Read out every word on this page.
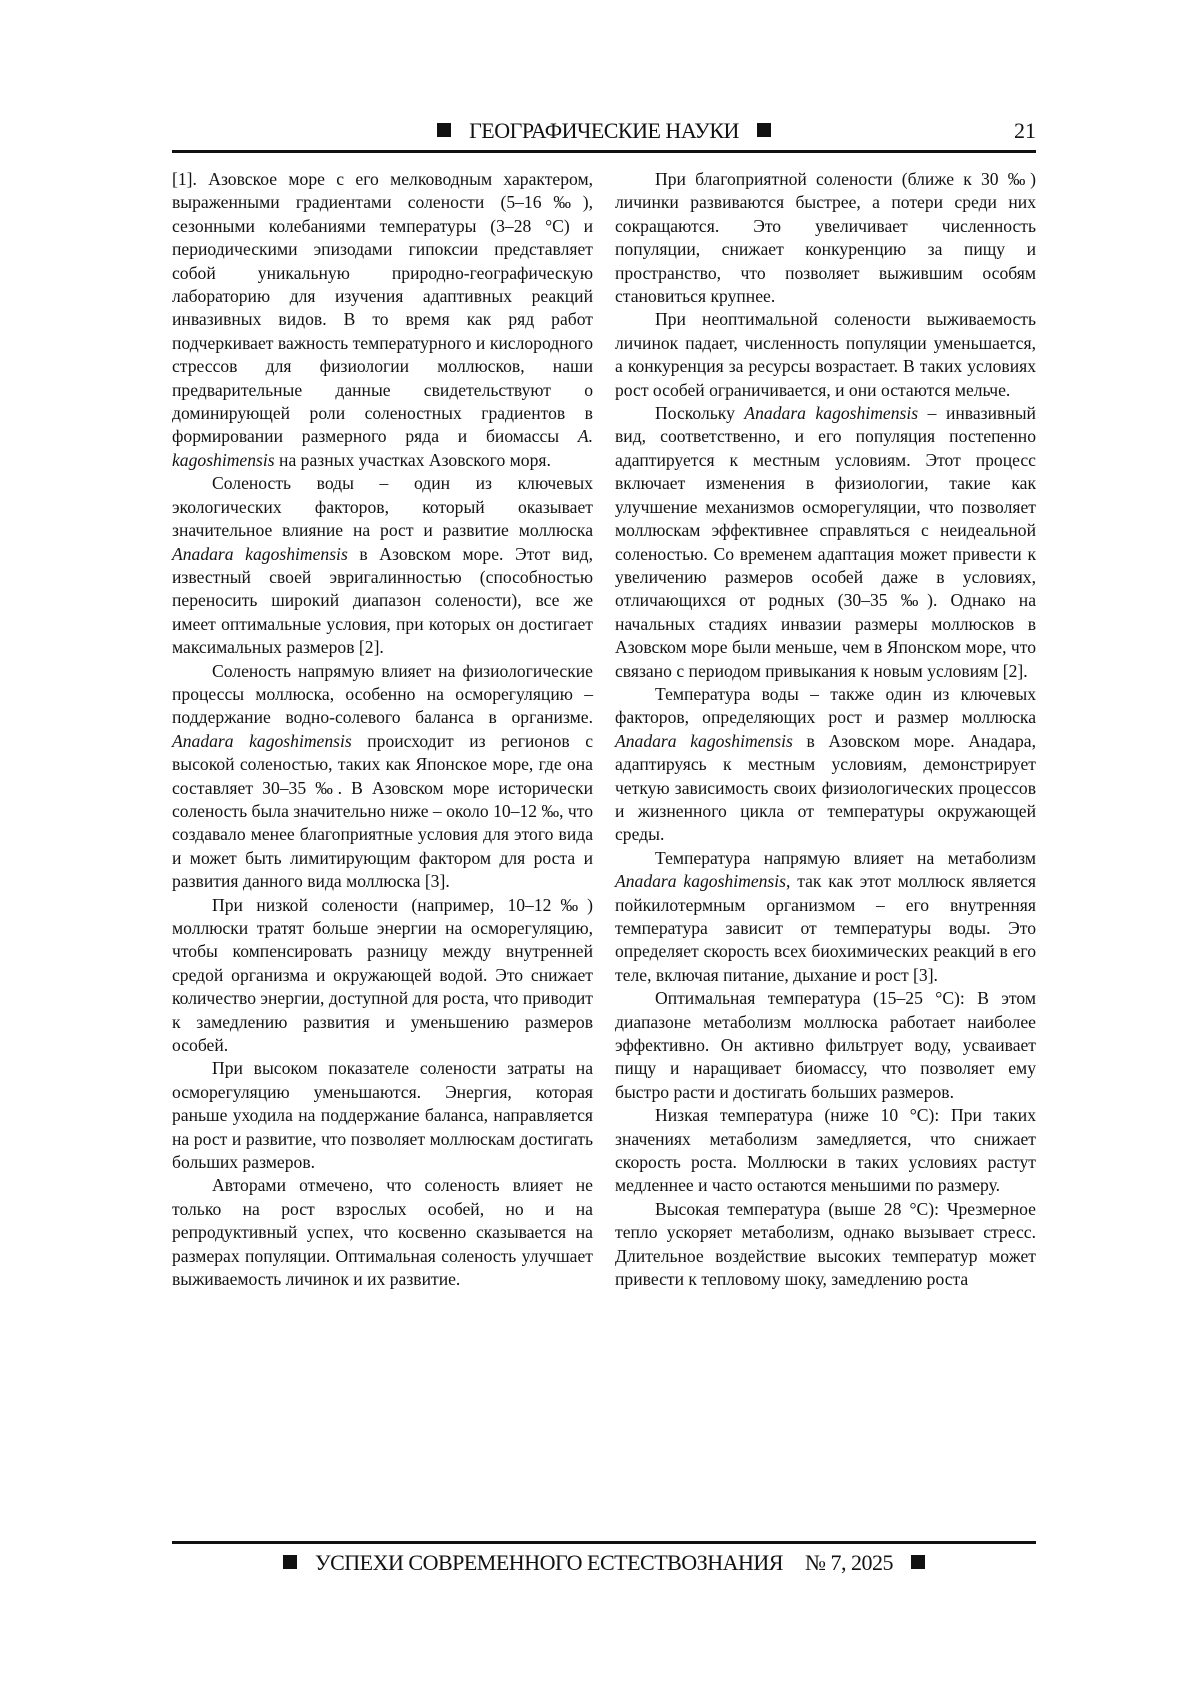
ГЕОГРАФИЧЕСКИЕ НАУКИ	21

[1]. Азовское море с его мелководным характером, выраженными градиентами солености (5–16‰), сезонными колебаниями температуры (3–28 °С) и периодическими эпизодами гипоксии представляет собой уникальную природно-географическую лабораторию для изучения адаптивных реакций инвазивных видов. В то время как ряд работ подчеркивает важность температурного и кислородного стрессов для физиологии моллюсков, наши предварительные данные свидетельствуют о доминирующей роли соленостных градиентов в формировании размерного ряда и биомассы A. kagoshimensis на разных участках Азовского моря.

Соленость воды – один из ключевых экологических факторов, который оказывает значительное влияние на рост и развитие моллюска Anadara kagoshimensis в Азовском море. Этот вид, известный своей эвригалинностью (способностью переносить широкий диапазон солености), все же имеет оптимальные условия, при которых он достигает максимальных размеров [2].

Соленость напрямую влияет на физиологические процессы моллюска, особенно на осморегуляцию – поддержание водно-солевого баланса в организме. Anadara kagoshimensis происходит из регионов с высокой соленостью, таких как Японское море, где она составляет 30–35 ‰. В Азовском море исторически соленость была значительно ниже – около 10–12 ‰, что создавало менее благоприятные условия для этого вида и может быть лимитирующим фактором для роста и развития данного вида моллюска [3].

При низкой солености (например, 10–12‰) моллюски тратят больше энергии на осморегуляцию, чтобы компенсировать разницу между внутренней средой организма и окружающей водой. Это снижает количество энергии, доступной для роста, что приводит к замедлению развития и уменьшению размеров особей.

При высоком показателе солености затраты на осморегуляцию уменьшаются. Энергия, которая раньше уходила на поддержание баланса, направляется на рост и развитие, что позволяет моллюскам достигать больших размеров.

Авторами отмечено, что соленость влияет не только на рост взрослых особей, но и на репродуктивный успех, что косвенно сказывается на размерах популяции. Оптимальная соленость улучшает выживаемость личинок и их развитие.

При благоприятной солености (ближе к 30 ‰) личинки развиваются быстрее, а потери среди них сокращаются. Это увеличивает численность популяции, снижает конкуренцию за пищу и пространство, что позволяет выжившим особям становиться крупнее.

При неоптимальной солености выживаемость личинок падает, численность популяции уменьшается, а конкуренция за ресурсы возрастает. В таких условиях рост особей ограничивается, и они остаются мельче.

Поскольку Anadara kagoshimensis – инвазивный вид, соответственно, и его популяция постепенно адаптируется к местным условиям. Этот процесс включает изменения в физиологии, такие как улучшение механизмов осморегуляции, что позволяет моллюскам эффективнее справляться с неидеальной соленостью. Со временем адаптация может привести к увеличению размеров особей даже в условиях, отличающихся от родных (30–35 ‰). Однако на начальных стадиях инвазии размеры моллюсков в Азовском море были меньше, чем в Японском море, что связано с периодом привыкания к новым условиям [2].

Температура воды – также один из ключевых факторов, определяющих рост и размер моллюска Anadara kagoshimensis в Азовском море. Анадара, адаптируясь к местным условиям, демонстрирует четкую зависимость своих физиологических процессов и жизненного цикла от температуры окружающей среды.

Температура напрямую влияет на метаболизм Anadara kagoshimensis, так как этот моллюск является пойкилотермным организмом – его внутренняя температура зависит от температуры воды. Это определяет скорость всех биохимических реакций в его теле, включая питание, дыхание и рост [3].

Оптимальная температура (15–25 °С): В этом диапазоне метаболизм моллюска работает наиболее эффективно. Он активно фильтрует воду, усваивает пищу и наращивает биомассу, что позволяет ему быстро расти и достигать больших размеров.

Низкая температура (ниже 10 °С): При таких значениях метаболизм замедляется, что снижает скорость роста. Моллюски в таких условиях растут медленнее и часто остаются меньшими по размеру.

Высокая температура (выше 28 °С): Чрезмерное тепло ускоряет метаболизм, однако вызывает стресс. Длительное воздействие высоких температур может привести к тепловому шоку, замедлению роста

УСПЕХИ СОВРЕМЕННОГО ЕСТЕСТВОЗНАНИЯ № 7, 2025
